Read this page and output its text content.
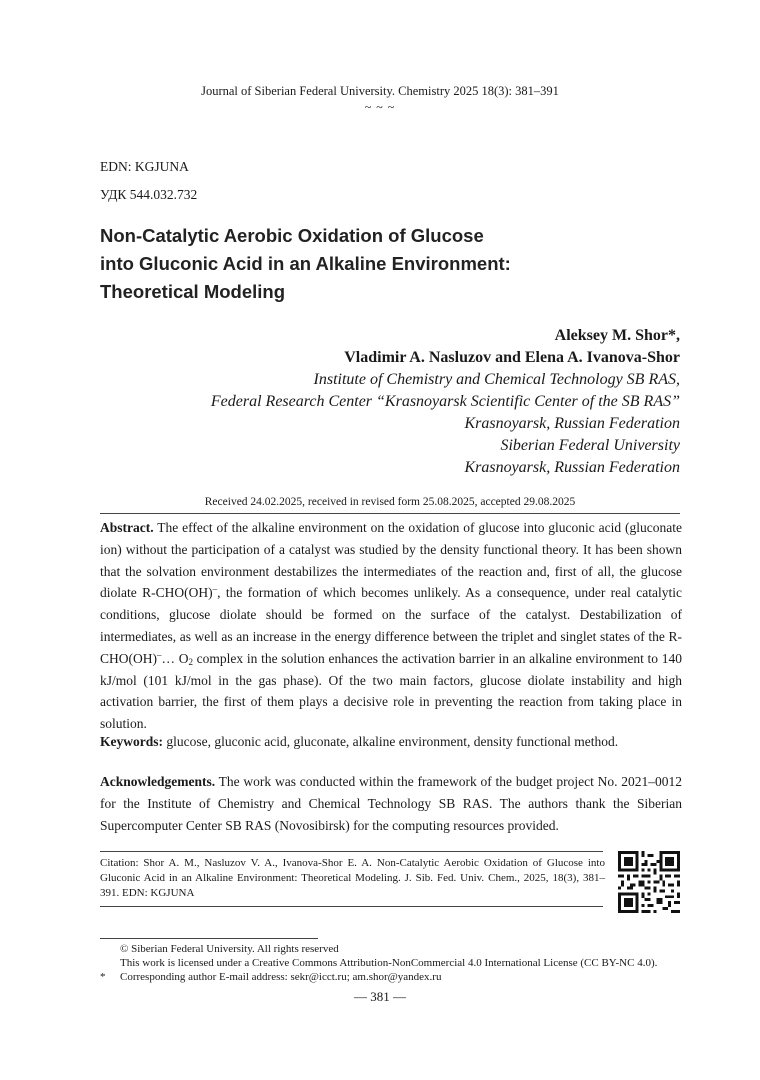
Journal of Siberian Federal University. Chemistry 2025 18(3): 381–391
~ ~ ~
EDN: KGJUNA
УДК 544.032.732
Non-Catalytic Aerobic Oxidation of Glucose
into Gluconic Acid in an Alkaline Environment:
Theoretical Modeling
Aleksey M. Shor*,
Vladimir A. Nasluzov and Elena A. Ivanova-Shor
Institute of Chemistry and Chemical Technology SB RAS,
Federal Research Center “Krasnoyarsk Scientific Center of the SB RAS”
Krasnoyarsk, Russian Federation
Siberian Federal University
Krasnoyarsk, Russian Federation
Received 24.02.2025, received in revised form 25.08.2025, accepted 29.08.2025
Abstract. The effect of the alkaline environment on the oxidation of glucose into gluconic acid (gluconate ion) without the participation of a catalyst was studied by the density functional theory. It has been shown that the solvation environment destabilizes the intermediates of the reaction and, first of all, the glucose diolate R-CHO(OH)–, the formation of which becomes unlikely. As a consequence, under real catalytic conditions, glucose diolate should be formed on the surface of the catalyst. Destabilization of intermediates, as well as an increase in the energy difference between the triplet and singlet states of the R-CHO(OH)–… $O_2$ complex in the solution enhances the activation barrier in an alkaline environment to 140 kJ/mol (101 kJ/mol in the gas phase). Of the two main factors, glucose diolate instability and high activation barrier, the first of them plays a decisive role in preventing the reaction from taking place in solution.
Keywords: glucose, gluconic acid, gluconate, alkaline environment, density functional method.
Acknowledgements. The work was conducted within the framework of the budget project No. 2021–0012 for the Institute of Chemistry and Chemical Technology SB RAS. The authors thank the Siberian Supercomputer Center SB RAS (Novosibirsk) for the computing resources provided.
Citation: Shor A. M., Nasluzov V. A., Ivanova-Shor E. A. Non-Catalytic Aerobic Oxidation of Glucose into Gluconic Acid in an Alkaline Environment: Theoretical Modeling. J. Sib. Fed. Univ. Chem., 2025, 18(3), 381–391. EDN: KGJUNA
© Siberian Federal University. All rights reserved
This work is licensed under a Creative Commons Attribution-NonCommercial 4.0 International License (CC BY-NC 4.0).
*	Corresponding author E-mail address: sekr@icct.ru; am.shor@yandex.ru
— 381 —
